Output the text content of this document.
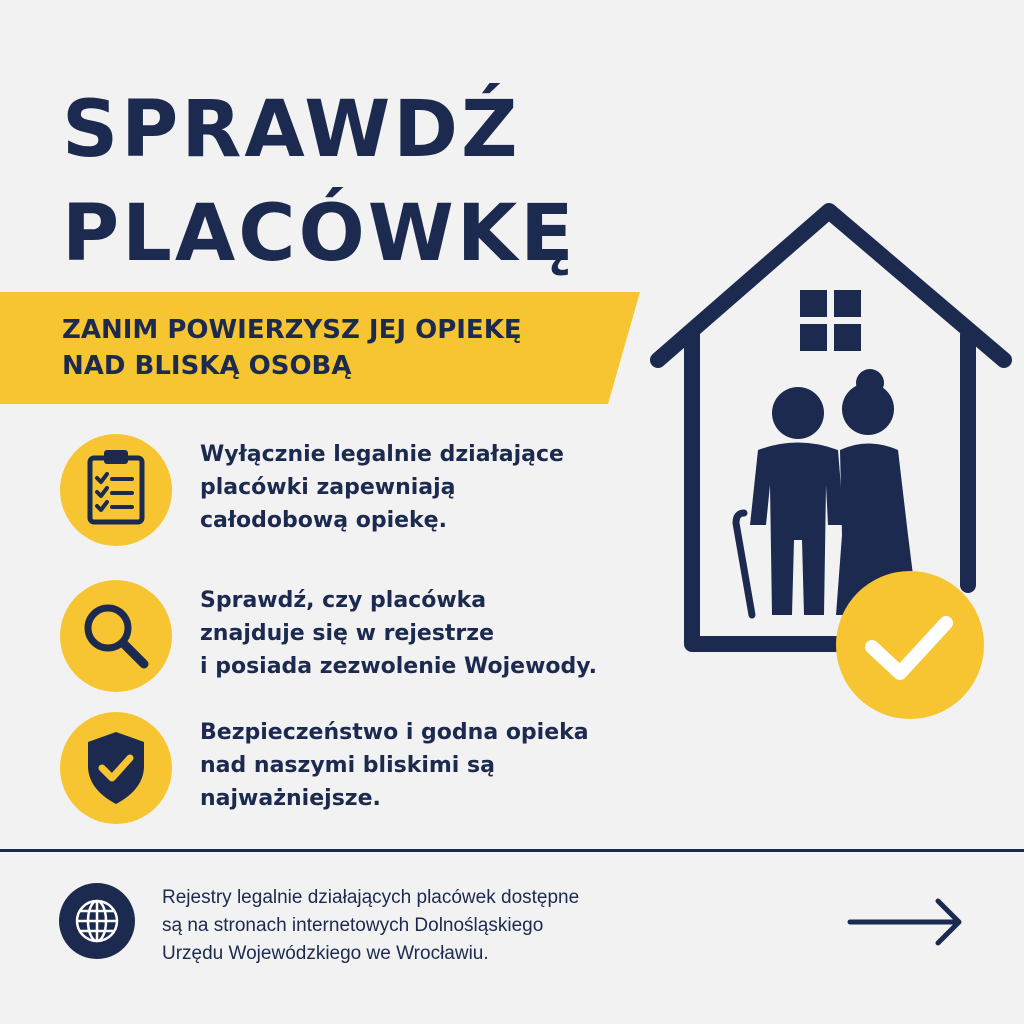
SPRAWDŹ
PLACÓWKĘ
ZANIM POWIERZYSZ JEJ OPIEKĘ
NAD BLISKĄ OSOBĄ
Wyłącznie legalnie działające
placówki zapewniają
całodobową opiekę.
Sprawdź, czy placówka
znajduje się w rejestrze
i posiada zezwolenie Wojewody.
Bezpieczeństwo i godna opieka
nad naszymi bliskimi są
najważniejsze.
Rejestry legalnie działających placówek dostępne
są na stronach internetowych Dolnośląskiego
Urzędu Wojewódzkiego we Wrocławiu.
